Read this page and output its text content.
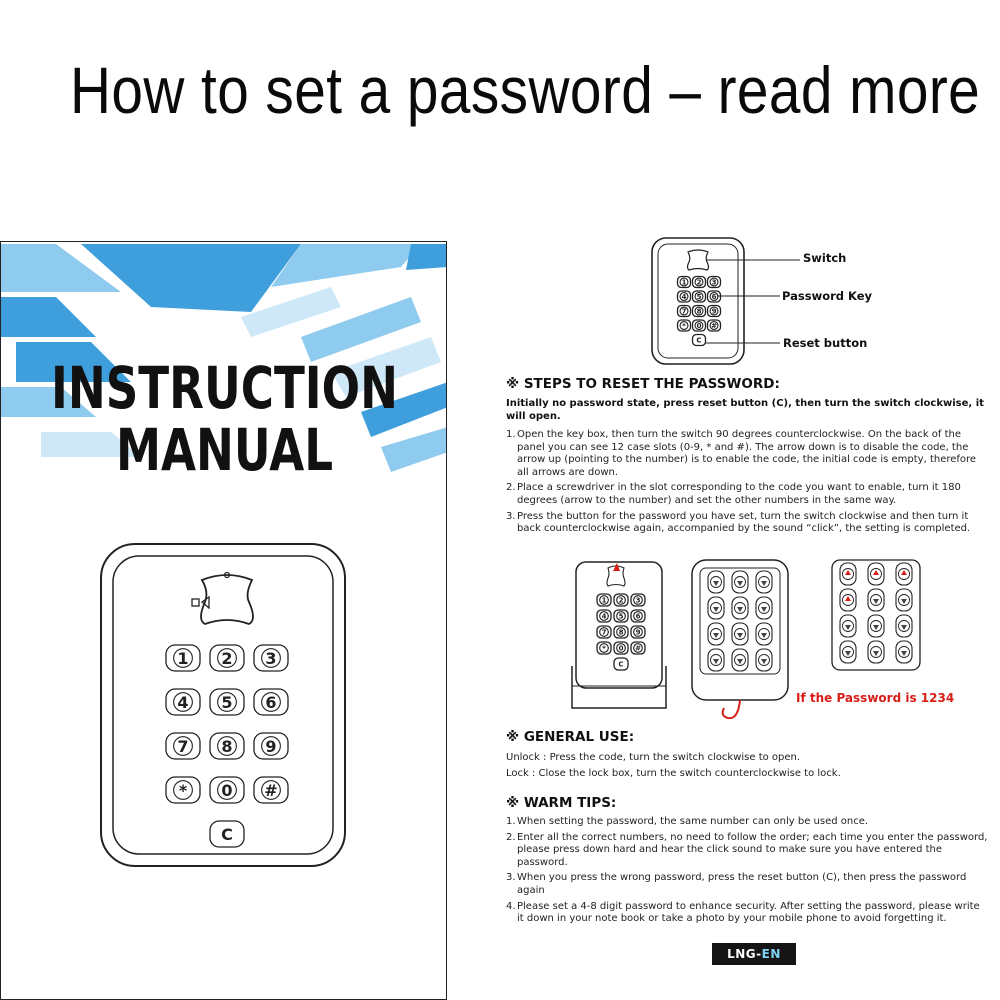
How to set a password – read more
INSTRUCTION
MANUAL
1 2 3
4 5 6
7 8 9
* 0 #
C
1 2 3
4 5 6
7 8 9
* 0 #
C
Switch
Password Key
Reset button
※ STEPS TO RESET THE PASSWORD:
Initially no password state, press reset button (C), then turn the switch clockwise, it will open.
1. Open the key box, then turn the switch 90 degrees counterclockwise. On the back of the panel you can see 12 case slots (0-9, * and #). The arrow down is to disable the code, the arrow up (pointing to the number) is to enable the code, the initial code is empty, therefore all arrows are down.
2. Place a screwdriver in the slot corresponding to the code you want to enable, turn it 180 degrees (arrow to the number) and set the other numbers in the same way.
3. Press the button for the password you have set, turn the switch clockwise and then turn it back counterclockwise again, accompanied by the sound “click”, the setting is completed.
1 2 3
4 5 6
7 8 9
* 0 #
C
If the Password is 1234
※ GENERAL USE:
Unlock : Press the code, turn the switch clockwise to open.
Lock : Close the lock box, turn the switch counterclockwise to lock.
※ WARM TIPS:
1. When setting the password, the same number can only be used once.
2. Enter all the correct numbers, no need to follow the order; each time you enter the password, please press down hard and hear the click sound to make sure you have entered the password.
3. When you press the wrong password, press the reset button (C), then press the password again
4. Please set a 4-8 digit password to enhance security. After setting the password, please write it down in your note book or take a photo by your mobile phone to avoid forgetting it.
LNG-EN
